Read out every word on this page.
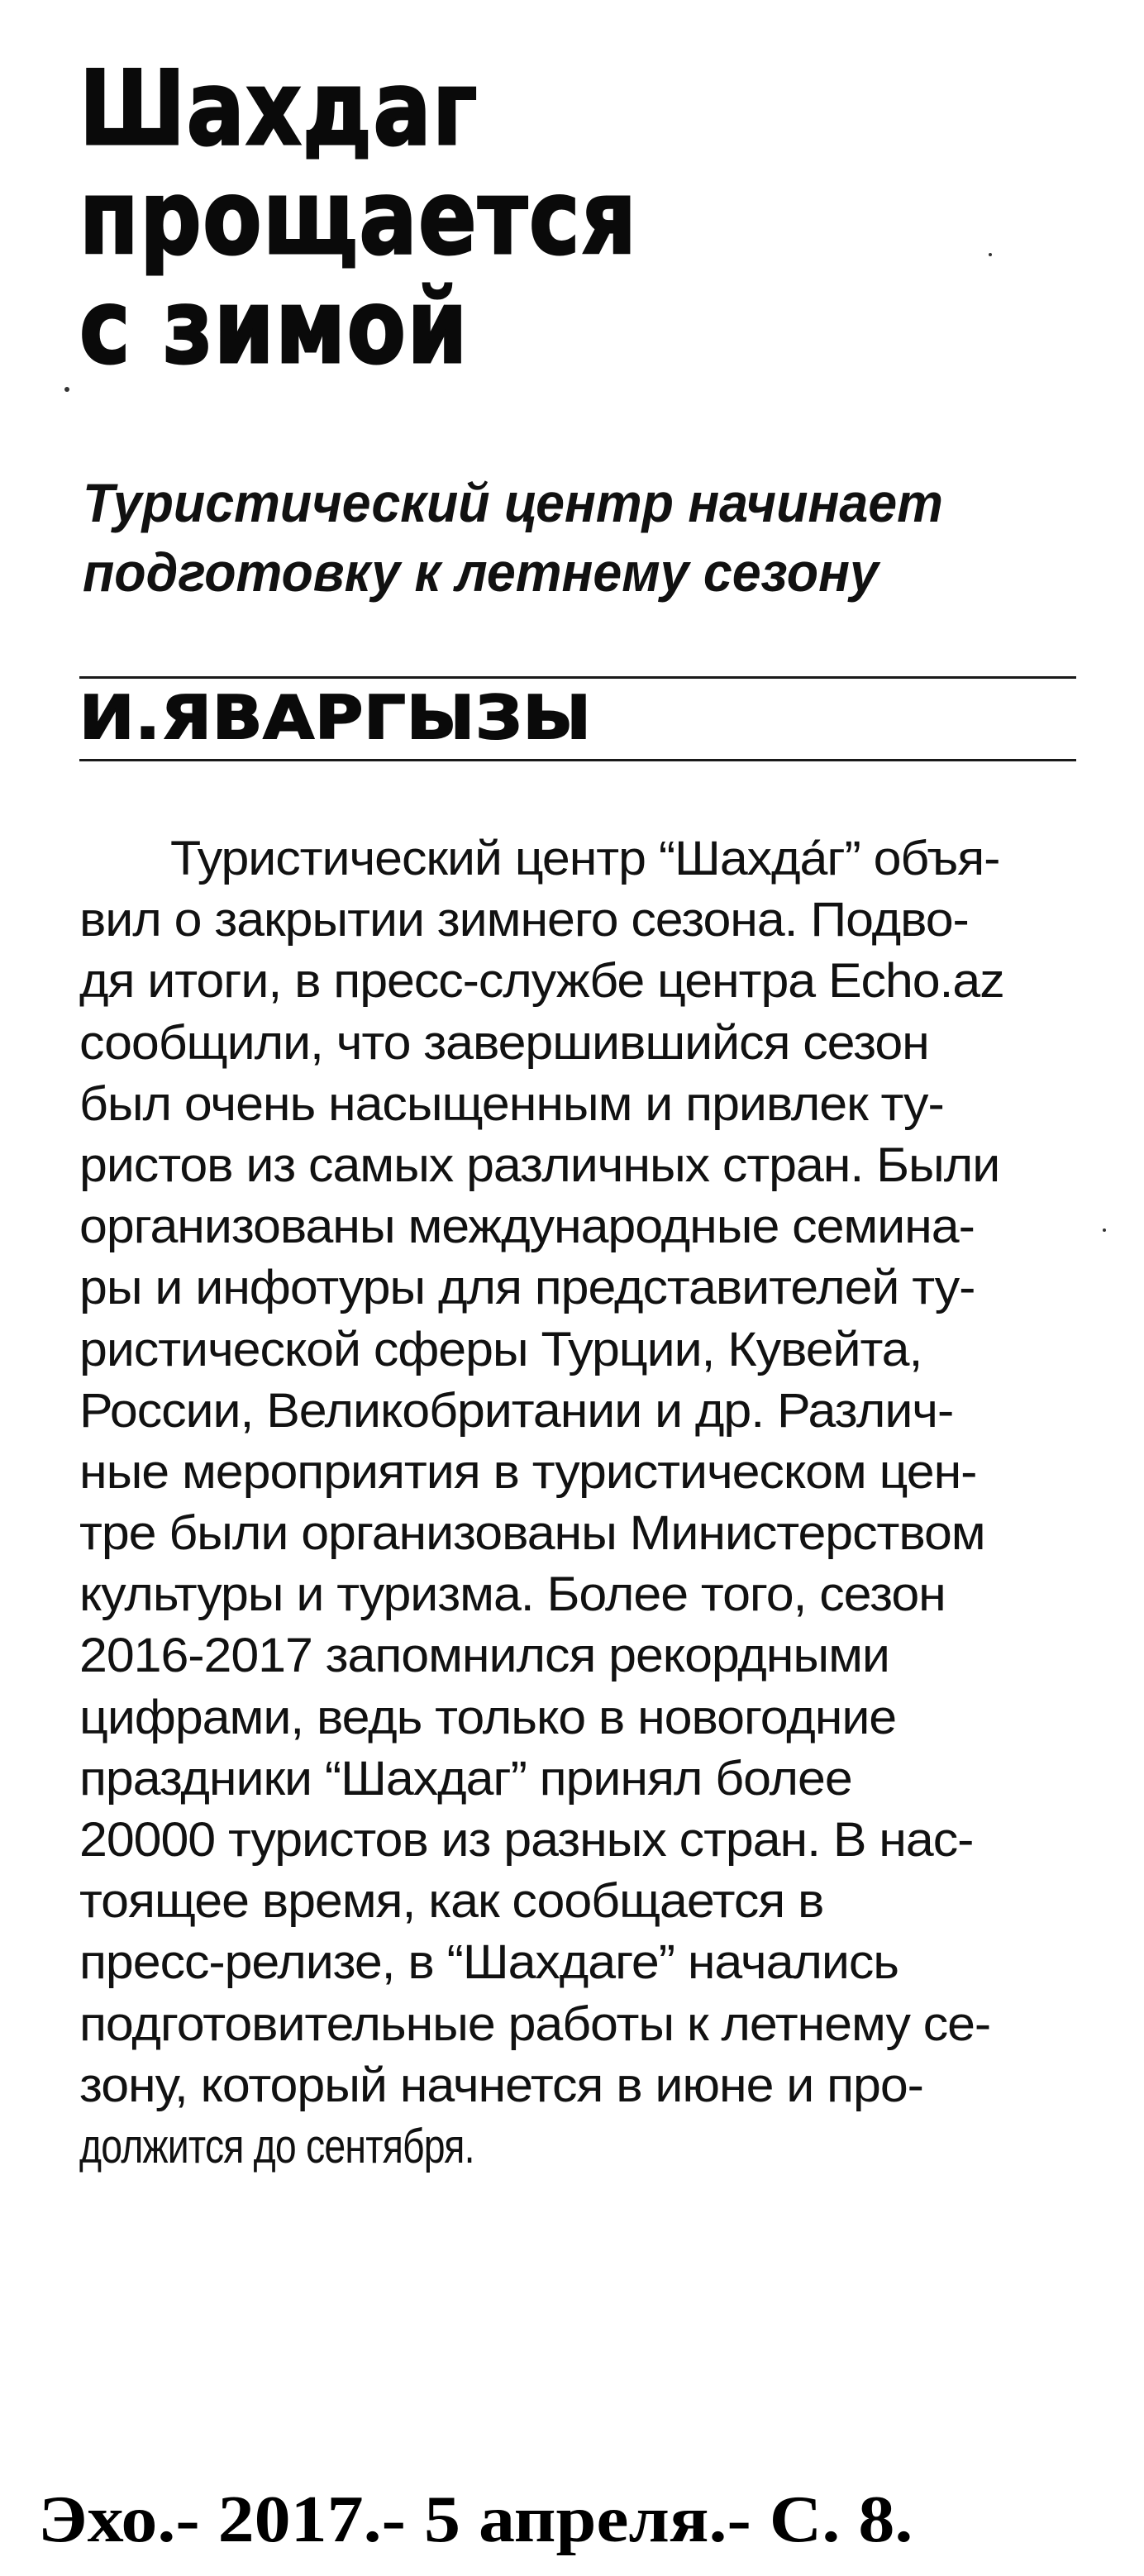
Шахдаг
прощается
с зимой
Туристический центр начинает
подготовку к летнему сезону
И.ЯВАРГЫЗЫ
Туристический центр “Шахда́г” объя-
вил о закрытии зимнего сезона. Подво-
дя итоги, в пресс-службе центра Echo.az
сообщили, что завершившийся сезон
был очень насыщенным и привлек ту-
ристов из самых различных стран. Были
организованы международные семина-
ры и инфотуры для представителей ту-
ристической сферы Турции, Кувейта,
России, Великобритании и др. Различ-
ные мероприятия в туристическом цен-
тре были организованы Министерством
культуры и туризма. Более того, сезон
2016-2017 запомнился рекордными
цифрами, ведь только в новогодние
праздники “Шахдаг” принял более
20000 туристов из разных стран. В нас-
тоящее время, как сообщается в
пресс-релизе, в “Шахдаге” начались
подготовительные работы к летнему се-
зону, который начнется в июне и про-
должится до сентября.
Эхо.- 2017.- 5 апреля.- С. 8.
